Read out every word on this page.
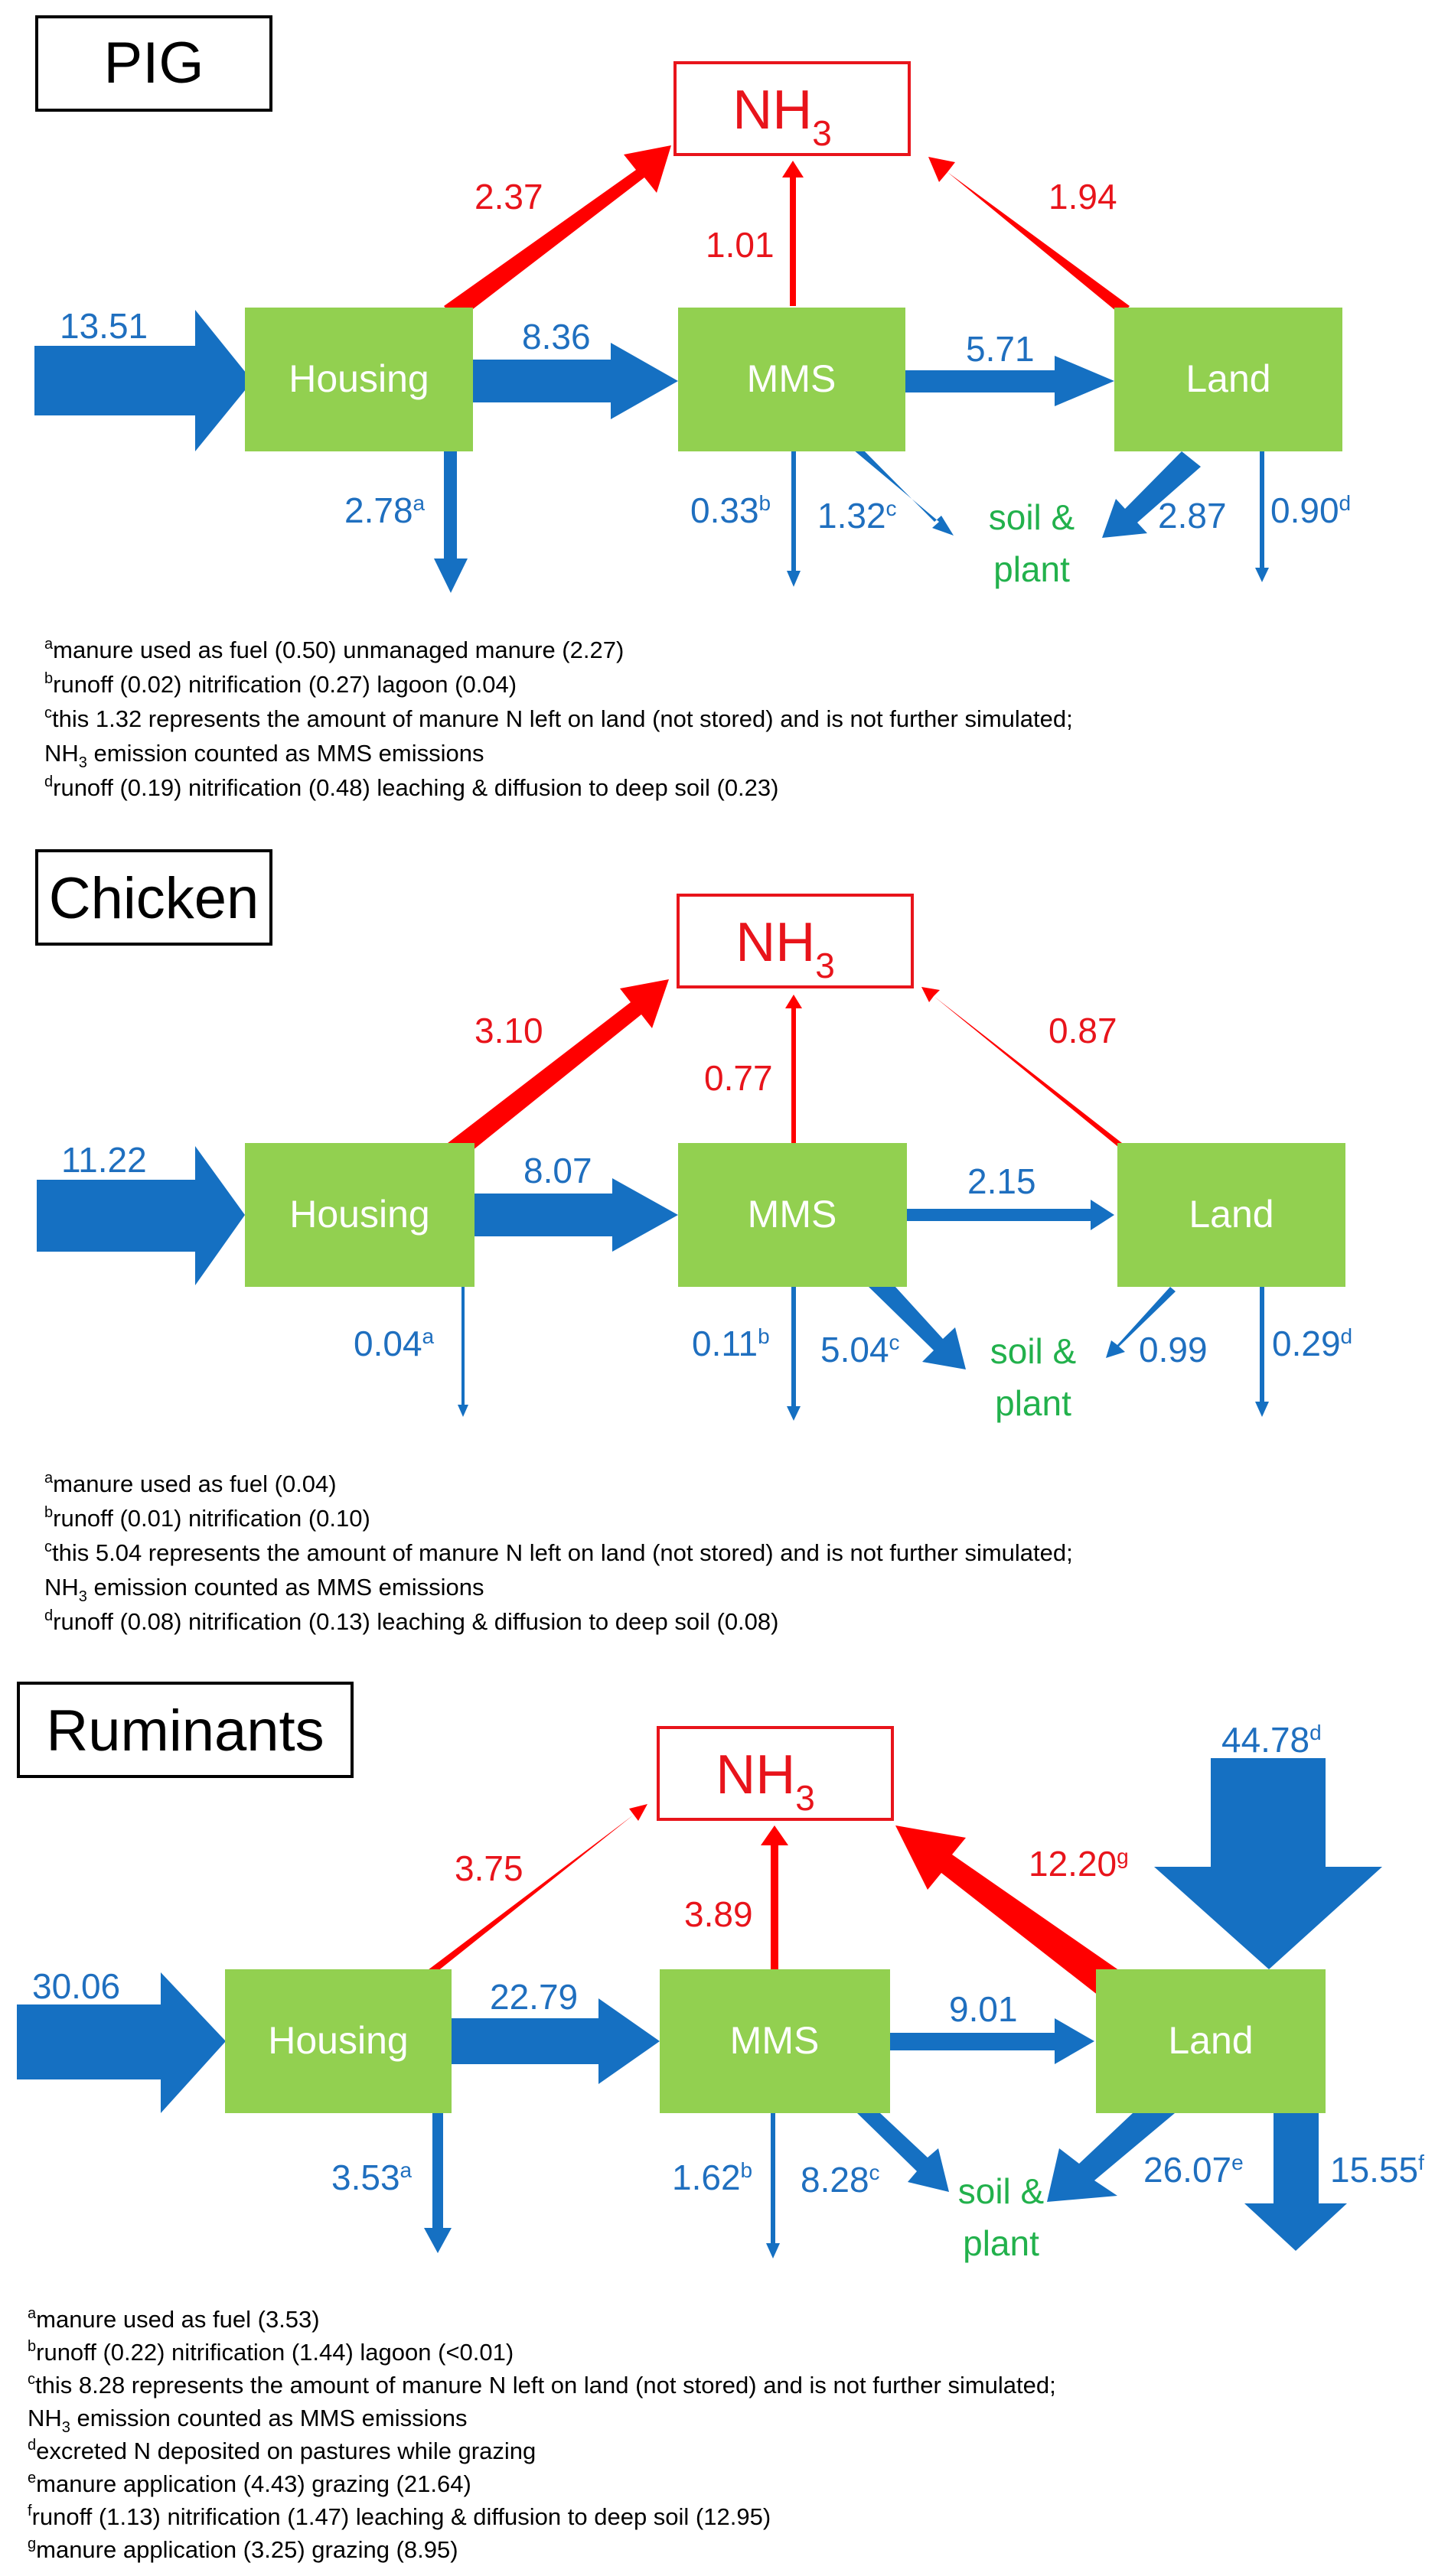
PIG
$NH_3$
Housing	MMS	Land
13.51	8.36	5.71
2.37
1.01
1.94
2.78$^a$	0.33$^b$ 1.32$^c$	2.87 0.90$^d$
soil &
plant
$^a$manure used as fuel (0.50) unmanaged manure (2.27)
$^b$runoff (0.02) nitrification (0.27) lagoon (0.04)
$^c$this 1.32 represents the amount of manure N left on land (not stored) and is not further simulated;
$NH_3$ emission counted as MMS emissions
$^d$runoff (0.19) nitrification (0.48) leaching & diffusion to deep soil (0.23)
Chicken
$NH_3$
Housing	MMS	Land
11.22	8.07	2.15
3.10
0.77
0.87
0.04$^a$	0.11$^b$ 5.04$^c$	0.99 0.29$^d$
soil &
plant
$^a$manure used as fuel (0.04)
$^b$runoff (0.01) nitrification (0.10)
$^c$this 5.04 represents the amount of manure N left on land (not stored) and is not further simulated;
$NH_3$ emission counted as MMS emissions
$^d$runoff (0.08) nitrification (0.13) leaching & diffusion to deep soil (0.08)
Ruminants
$NH_3$
Housing	MMS	Land
30.06	22.79	9.01
44.78$^d$
3.75
3.89
12.20$^g$
3.53$^a$	1.62$^b$ 8.28$^c$	26.07e 15.55$^f$
soil &
plant
$^a$manure used as fuel (3.53)
$^b$runoff (0.22) nitrification (1.44) lagoon (<0.01)
$^c$this 8.28 represents the amount of manure N left on land (not stored) and is not further simulated;
$NH_3$ emission counted as MMS emissions
$^d$excreted N deposited on pastures while grazing
$^e$manure application (4.43) grazing (21.64)
$^f$runoff (1.13) nitrification (1.47) leaching & diffusion to deep soil (12.95)
$^g$manure application (3.25) grazing (8.95)
